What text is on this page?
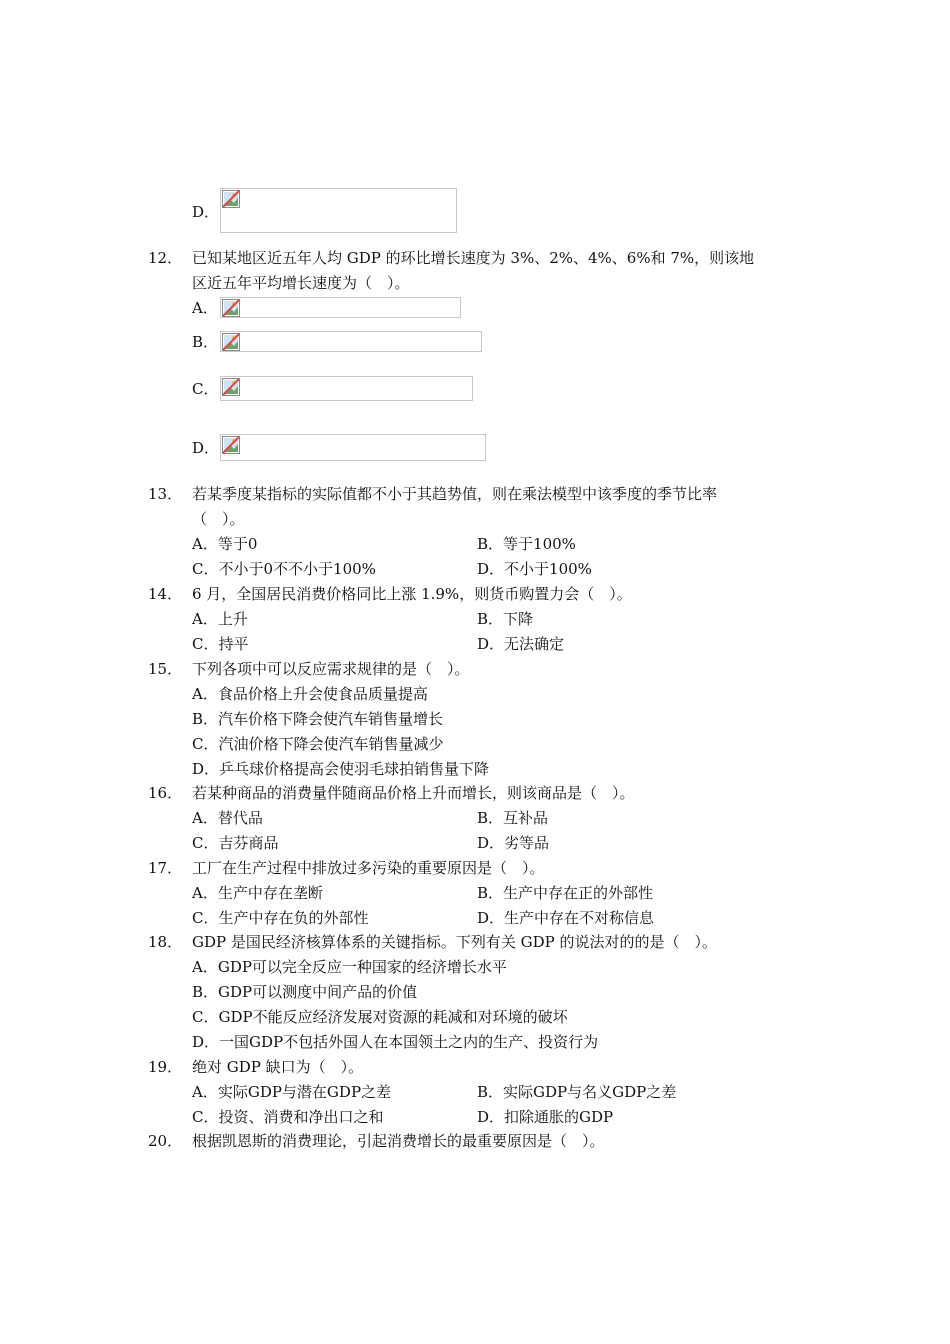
D．
12． 已知某地区近五年人均 GDP 的环比增长速度为 3%、2%、4%、6%和 7%，则该地
区近五年平均增长速度为（　）。
A．
B．
C．
D．
13． 若某季度某指标的实际值都不小于其趋势值，则在乘法模型中该季度的季节比率
（　）。
A．等于0	B．等于100%
C．不小于0不不小于100%	D．不小于100%
14． 6 月，全国居民消费价格同比上涨 1.9%，则货币购置力会（　）。
A．上升	B．下降
C．持平	D．无法确定
15． 下列各项中可以反应需求规律的是（　）。
A．食品价格上升会使食品质量提高
B．汽车价格下降会使汽车销售量增长
C．汽油价格下降会使汽车销售量减少
D．乒乓球价格提高会使羽毛球拍销售量下降
16． 若某种商品的消费量伴随商品价格上升而增长，则该商品是（　）。
A．替代品	B．互补品
C．吉芬商品	D．劣等品
17． 工厂在生产过程中排放过多污染的重要原因是（　）。
A．生产中存在垄断	B．生产中存在正的外部性
C．生产中存在负的外部性	D．生产中存在不对称信息
18． GDP 是国民经济核算体系的关键指标。下列有关 GDP 的说法对的的是（　）。
A．GDP可以完全反应一种国家的经济增长水平
B．GDP可以测度中间产品的价值
C．GDP不能反应经济发展对资源的耗减和对环境的破坏
D．一国GDP不包括外国人在本国领土之内的生产、投资行为
19． 绝对 GDP 缺口为（　）。
A．实际GDP与潜在GDP之差	B．实际GDP与名义GDP之差
C．投资、消费和净出口之和	D．扣除通胀的GDP
20． 根据凯恩斯的消费理论，引起消费增长的最重要原因是（　）。
